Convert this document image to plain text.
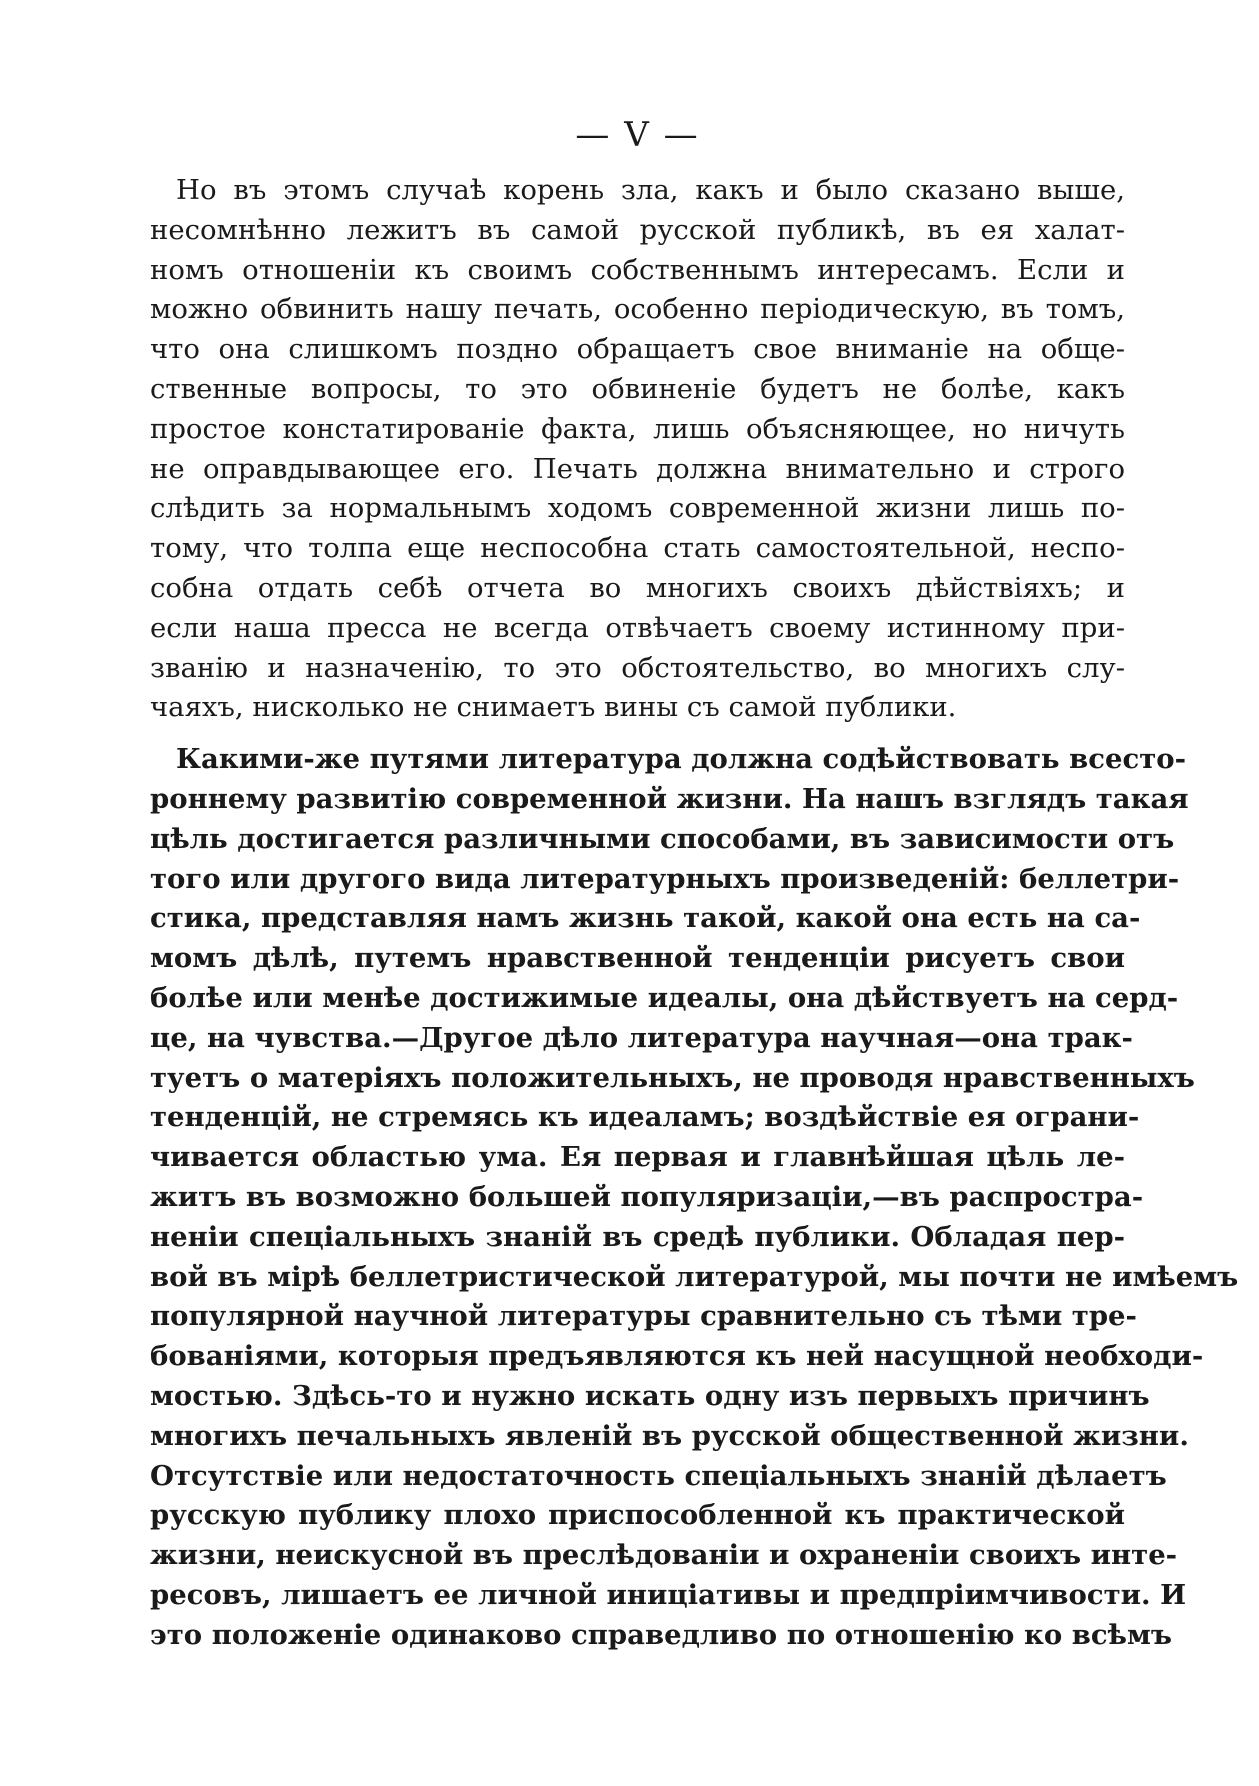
— V —
Но въ этомъ случаѣ корень зла, какъ и было сказано выше,
несомнѣнно лежитъ въ самой русской публикѣ, въ ея халат-
номъ отношеніи къ своимъ собственнымъ интересамъ. Если и
можно обвинить нашу печать, особенно періодическую, въ томъ,
что она слишкомъ поздно обращаетъ свое вниманіе на обще-
ственные вопросы, то это обвиненіе будетъ не болѣе, какъ
простое констатированіе факта, лишь объясняющее, но ничуть
не оправдывающее его. Печать должна внимательно и строго
слѣдить за нормальнымъ ходомъ современной жизни лишь по-
тому, что толпа еще неспособна стать самостоятельной, неспо-
собна отдать себѣ отчета во многихъ своихъ дѣйствіяхъ; и
если наша пресса не всегда отвѣчаетъ своему истинному при-
званію и назначенію, то это обстоятельство, во многихъ слу-
чаяхъ, нисколько не снимаетъ вины съ самой публики.
Какими-же путями литература должна содѣйствовать всесто-
роннему развитію современной жизни. На нашъ взглядъ такая
цѣль достигается различными способами, въ зависимости отъ
того или другого вида литературныхъ произведеній: беллетри-
стика, представляя намъ жизнь такой, какой она есть на са-
момъ дѣлѣ, путемъ нравственной тенденціи рисуетъ свои
болѣе или менѣе достижимые идеалы, она дѣйствуетъ на серд-
це, на чувства.—Другое дѣло литература научная—она трак-
туетъ о матеріяхъ положительныхъ, не проводя нравственныхъ
тенденцій, не стремясь къ идеаламъ; воздѣйствіе ея ограни-
чивается областью ума. Ея первая и главнѣйшая цѣль ле-
житъ въ возможно большей популяризаціи,—въ распростра-
неніи спеціальныхъ знаній въ средѣ публики. Обладая пер-
вой въ мірѣ беллетристической литературой, мы почти не имѣемъ
популярной научной литературы сравнительно съ тѣми тре-
бованіями, которыя предъявляются къ ней насущной необходи-
мостью. Здѣсь-то и нужно искать одну изъ первыхъ причинъ
многихъ печальныхъ явленій въ русской общественной жизни.
Отсутствіе или недостаточность спеціальныхъ знаній дѣлаетъ
русскую публику плохо приспособленной къ практической
жизни, неискусной въ преслѣдованіи и охраненіи своихъ инте-
ресовъ, лишаетъ ее личной иниціативы и предпріимчивости. И
это положеніе одинаково справедливо по отношенію ко всѣмъ
